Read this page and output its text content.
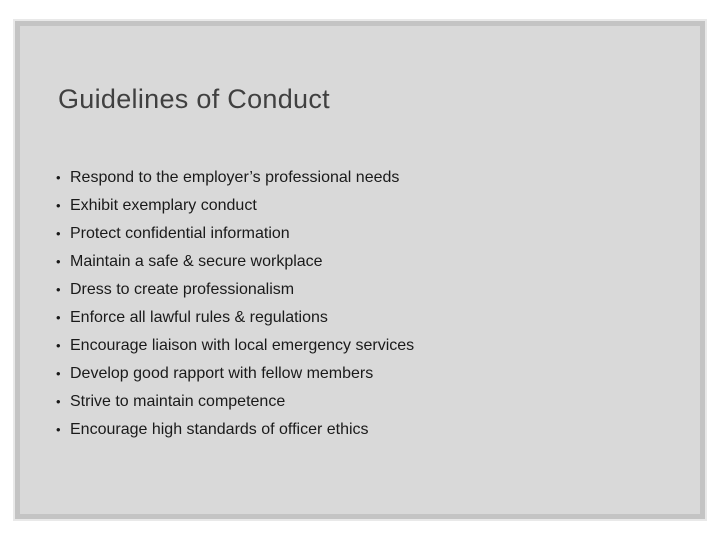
Guidelines of Conduct
• Respond to the employer’s professional needs
• Exhibit exemplary conduct
• Protect confidential information
• Maintain a safe & secure workplace
• Dress to create professionalism
• Enforce all lawful rules & regulations
• Encourage liaison with local emergency services
• Develop good rapport with fellow members
• Strive to maintain competence
• Encourage high standards of officer ethics
